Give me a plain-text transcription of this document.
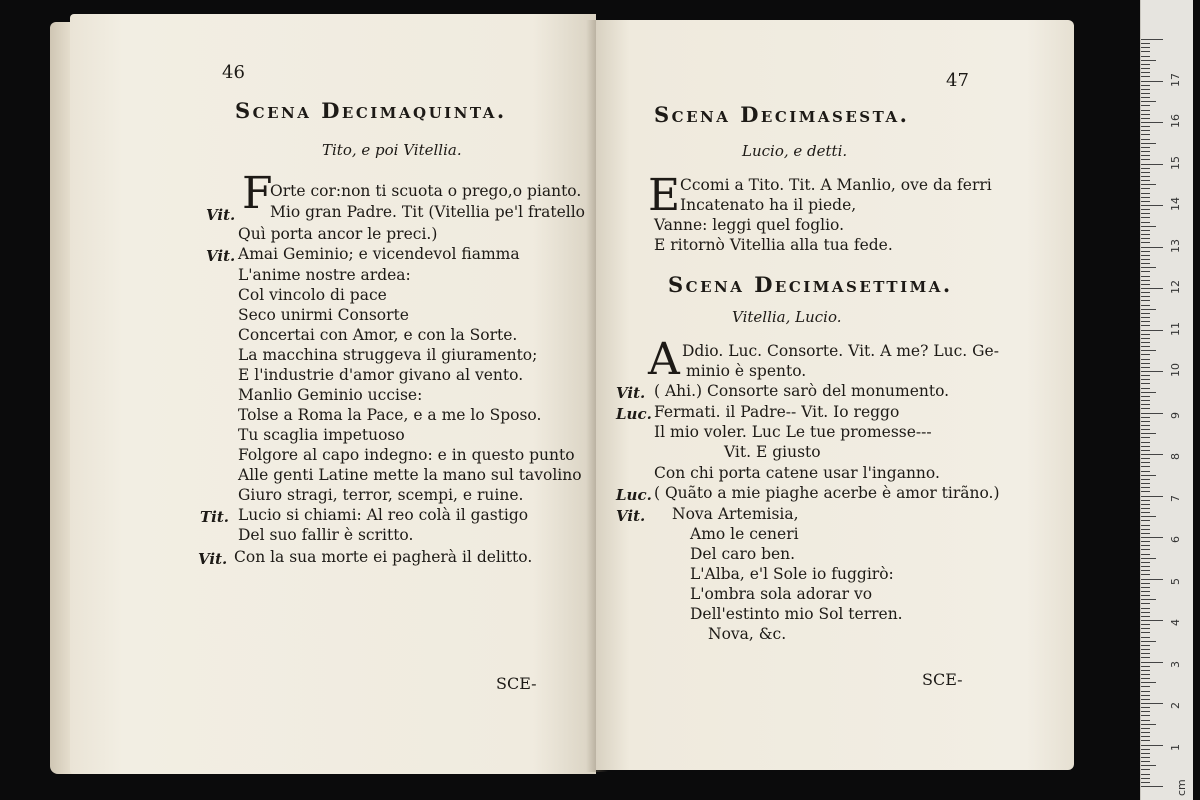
46
Scena Decimaquinta.
Tito, e poi Vitellia.
F
Orte cor:non ti scuota o prego,o pianto.
Vit. Mio gran Padre. Tit (Vitellia pe'l fratello
Quì porta ancor le preci.)
Vit. Amai Geminio; e vicendevol fiamma
L'anime nostre ardea:
Col vincolo di pace
Seco unirmi Consorte
Concertai con Amor, e con la Sorte.
La macchina struggeva il giuramento;
E l'industrie d'amor givano al vento.
Manlio Geminio uccise:
Tolse a Roma la Pace, e a me lo Sposo.
Tu scaglia impetuoso
Folgore al capo indegno: e in questo punto
Alle genti Latine mette la mano sul tavolino
Giuro stragi, terror, scempi, e ruine.
Tit. Lucio si chiami: Al reo colà il gastigo
Del suo fallir è scritto.
Vit. Con la sua morte ei pagherà il delitto.
SCE-
47
Scena Decimasesta.
Lucio, e detti.
E Ccomi a Tito. Tit. A Manlio, ove da ferri
Incatenato ha il piede,
Vanne: leggi quel foglio.
E ritornò Vitellia alla tua fede.
Scena Decimasettima.
Vitellia, Lucio.
A Ddio. Luc. Consorte. Vit. A me? Luc. Ge-
minio è spento.
Vit. ( Ahi.) Consorte sarò del monumento.
Luc. Fermati. il Padre-- Vit. Io reggo
Il mio voler. Luc Le tue promesse---
Vit. E giusto
Con chi porta catene usar l'inganno.
Luc. ( Quãto a mie piaghe acerbe è amor tirãno.)
Vit. Nova Artemisia,
Amo le ceneri
Del caro ben.
L'Alba, e'l Sole io fuggirò:
L'ombra sola adorar vo
Dell'estinto mio Sol terren.
Nova, &c.
SCE-
cm
1
2
3
4
5
6
7
8
9
10
11
12
13
14
15
16
17
